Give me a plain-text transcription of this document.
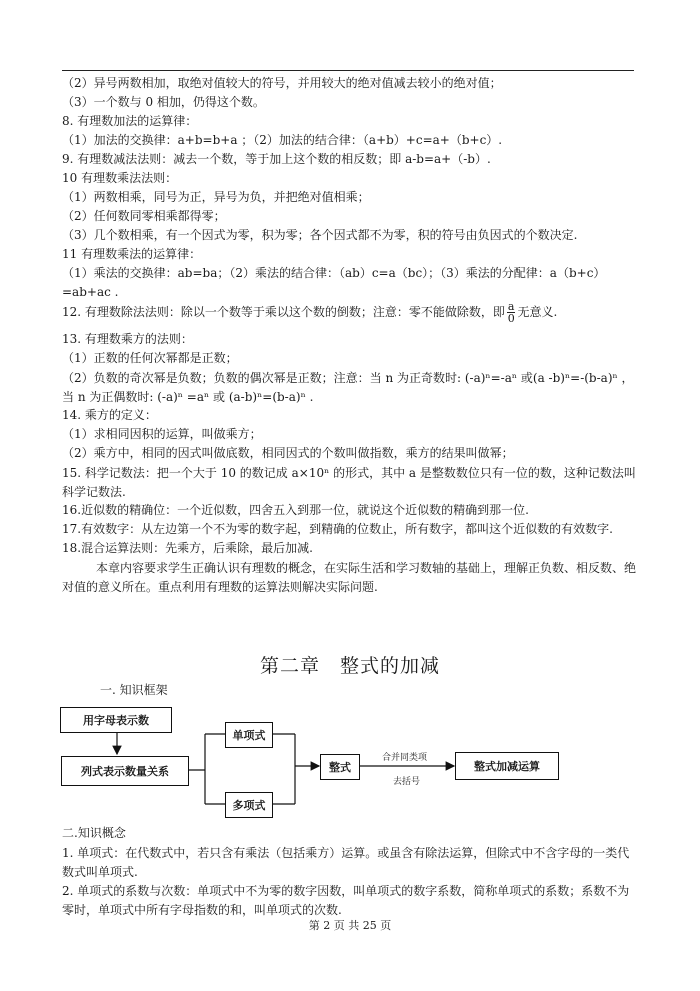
（2）异号两数相加，取绝对值较大的符号，并用较大的绝对值减去较小的绝对值；
（3）一个数与 0 相加，仍得这个数。
8. 有理数加法的运算律：
（1）加法的交换律：a+b=b+a ；（2）加法的结合律：（a+b）+c=a+（b+c）.
9. 有理数减法法则：减去一个数，等于加上这个数的相反数；即 a-b=a+（-b）.
10 有理数乘法法则：
（1）两数相乘，同号为正，异号为负，并把绝对值相乘；
（2）任何数同零相乘都得零；
（3）几个数相乘，有一个因式为零，积为零；各个因式都不为零，积的符号由负因式的个数决定.
11 有理数乘法的运算律：
（1）乘法的交换律：ab=ba；（2）乘法的结合律：（ab）c=a（bc）；（3）乘法的分配律：a（b+c）
=ab+ac .
12. 有理数除法法则：除以一个数等于乘以这个数的倒数；注意：零不能做除数，即 $\frac{a}{0}$ 无意义.
13. 有理数乘方的法则：
（1）正数的任何次幂都是正数；
（2）负数的奇次幂是负数；负数的偶次幂是正数；注意：当 n 为正奇数时: (-a)ⁿ=-aⁿ 或(a -b)ⁿ=-(b-a)ⁿ ，当 n 为正偶数时: (-a)ⁿ =aⁿ 或 (a-b)ⁿ=(b-a)ⁿ .
14. 乘方的定义：
（1）求相同因积的运算，叫做乘方；
（2）乘方中，相同的因式叫做底数，相同因式的个数叫做指数，乘方的结果叫做幂；
15. 科学记数法：把一个大于 10 的数记成 a×10ⁿ 的形式，其中 a 是整数数位只有一位的数，这种记数法叫科学记数法.
16.近似数的精确位：一个近似数，四舍五入到那一位，就说这个近似数的精确到那一位.
17.有效数字：从左边第一个不为零的数字起，到精确的位数止，所有数字，都叫这个近似数的有效数字.
18.混合运算法则：先乘方，后乘除，最后加减.
本章内容要求学生正确认识有理数的概念，在实际生活和学习数轴的基础上，理解正负数、相反数、绝对值的意义所在。重点利用有理数的运算法则解决实际问题.
第二章　整式的加减
一. 知识框架
用字母表示数
列式表示数量关系
单项式
多项式
整式	整式加减运算
合并同类项
去括号
二.知识概念
1. 单项式：在代数式中，若只含有乘法（包括乘方）运算。或虽含有除法运算，但除式中不含字母的一类代数式叫单项式.
2. 单项式的系数与次数：单项式中不为零的数字因数，叫单项式的数字系数，简称单项式的系数；系数不为零时，单项式中所有字母指数的和，叫单项式的次数.
第 2 页 共 25 页
